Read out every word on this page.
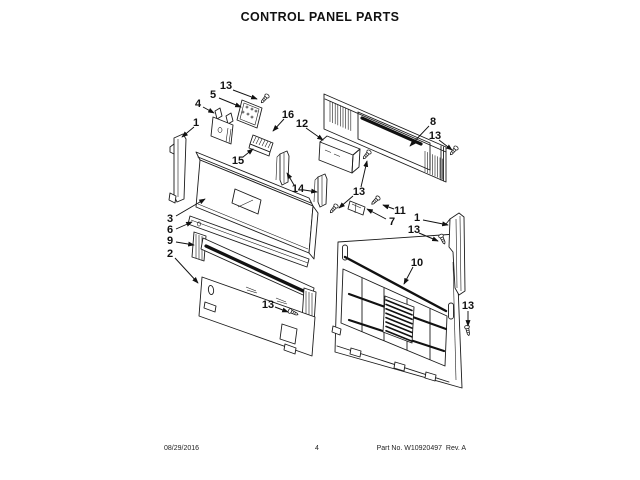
CONTROL PANEL PARTS
13
5
4
1
16
12
15
8
13
3
6
9
2
14	13
11
7 1
13
10
13	13
08/29/2016	4	Part No. W10920497  Rev. A
